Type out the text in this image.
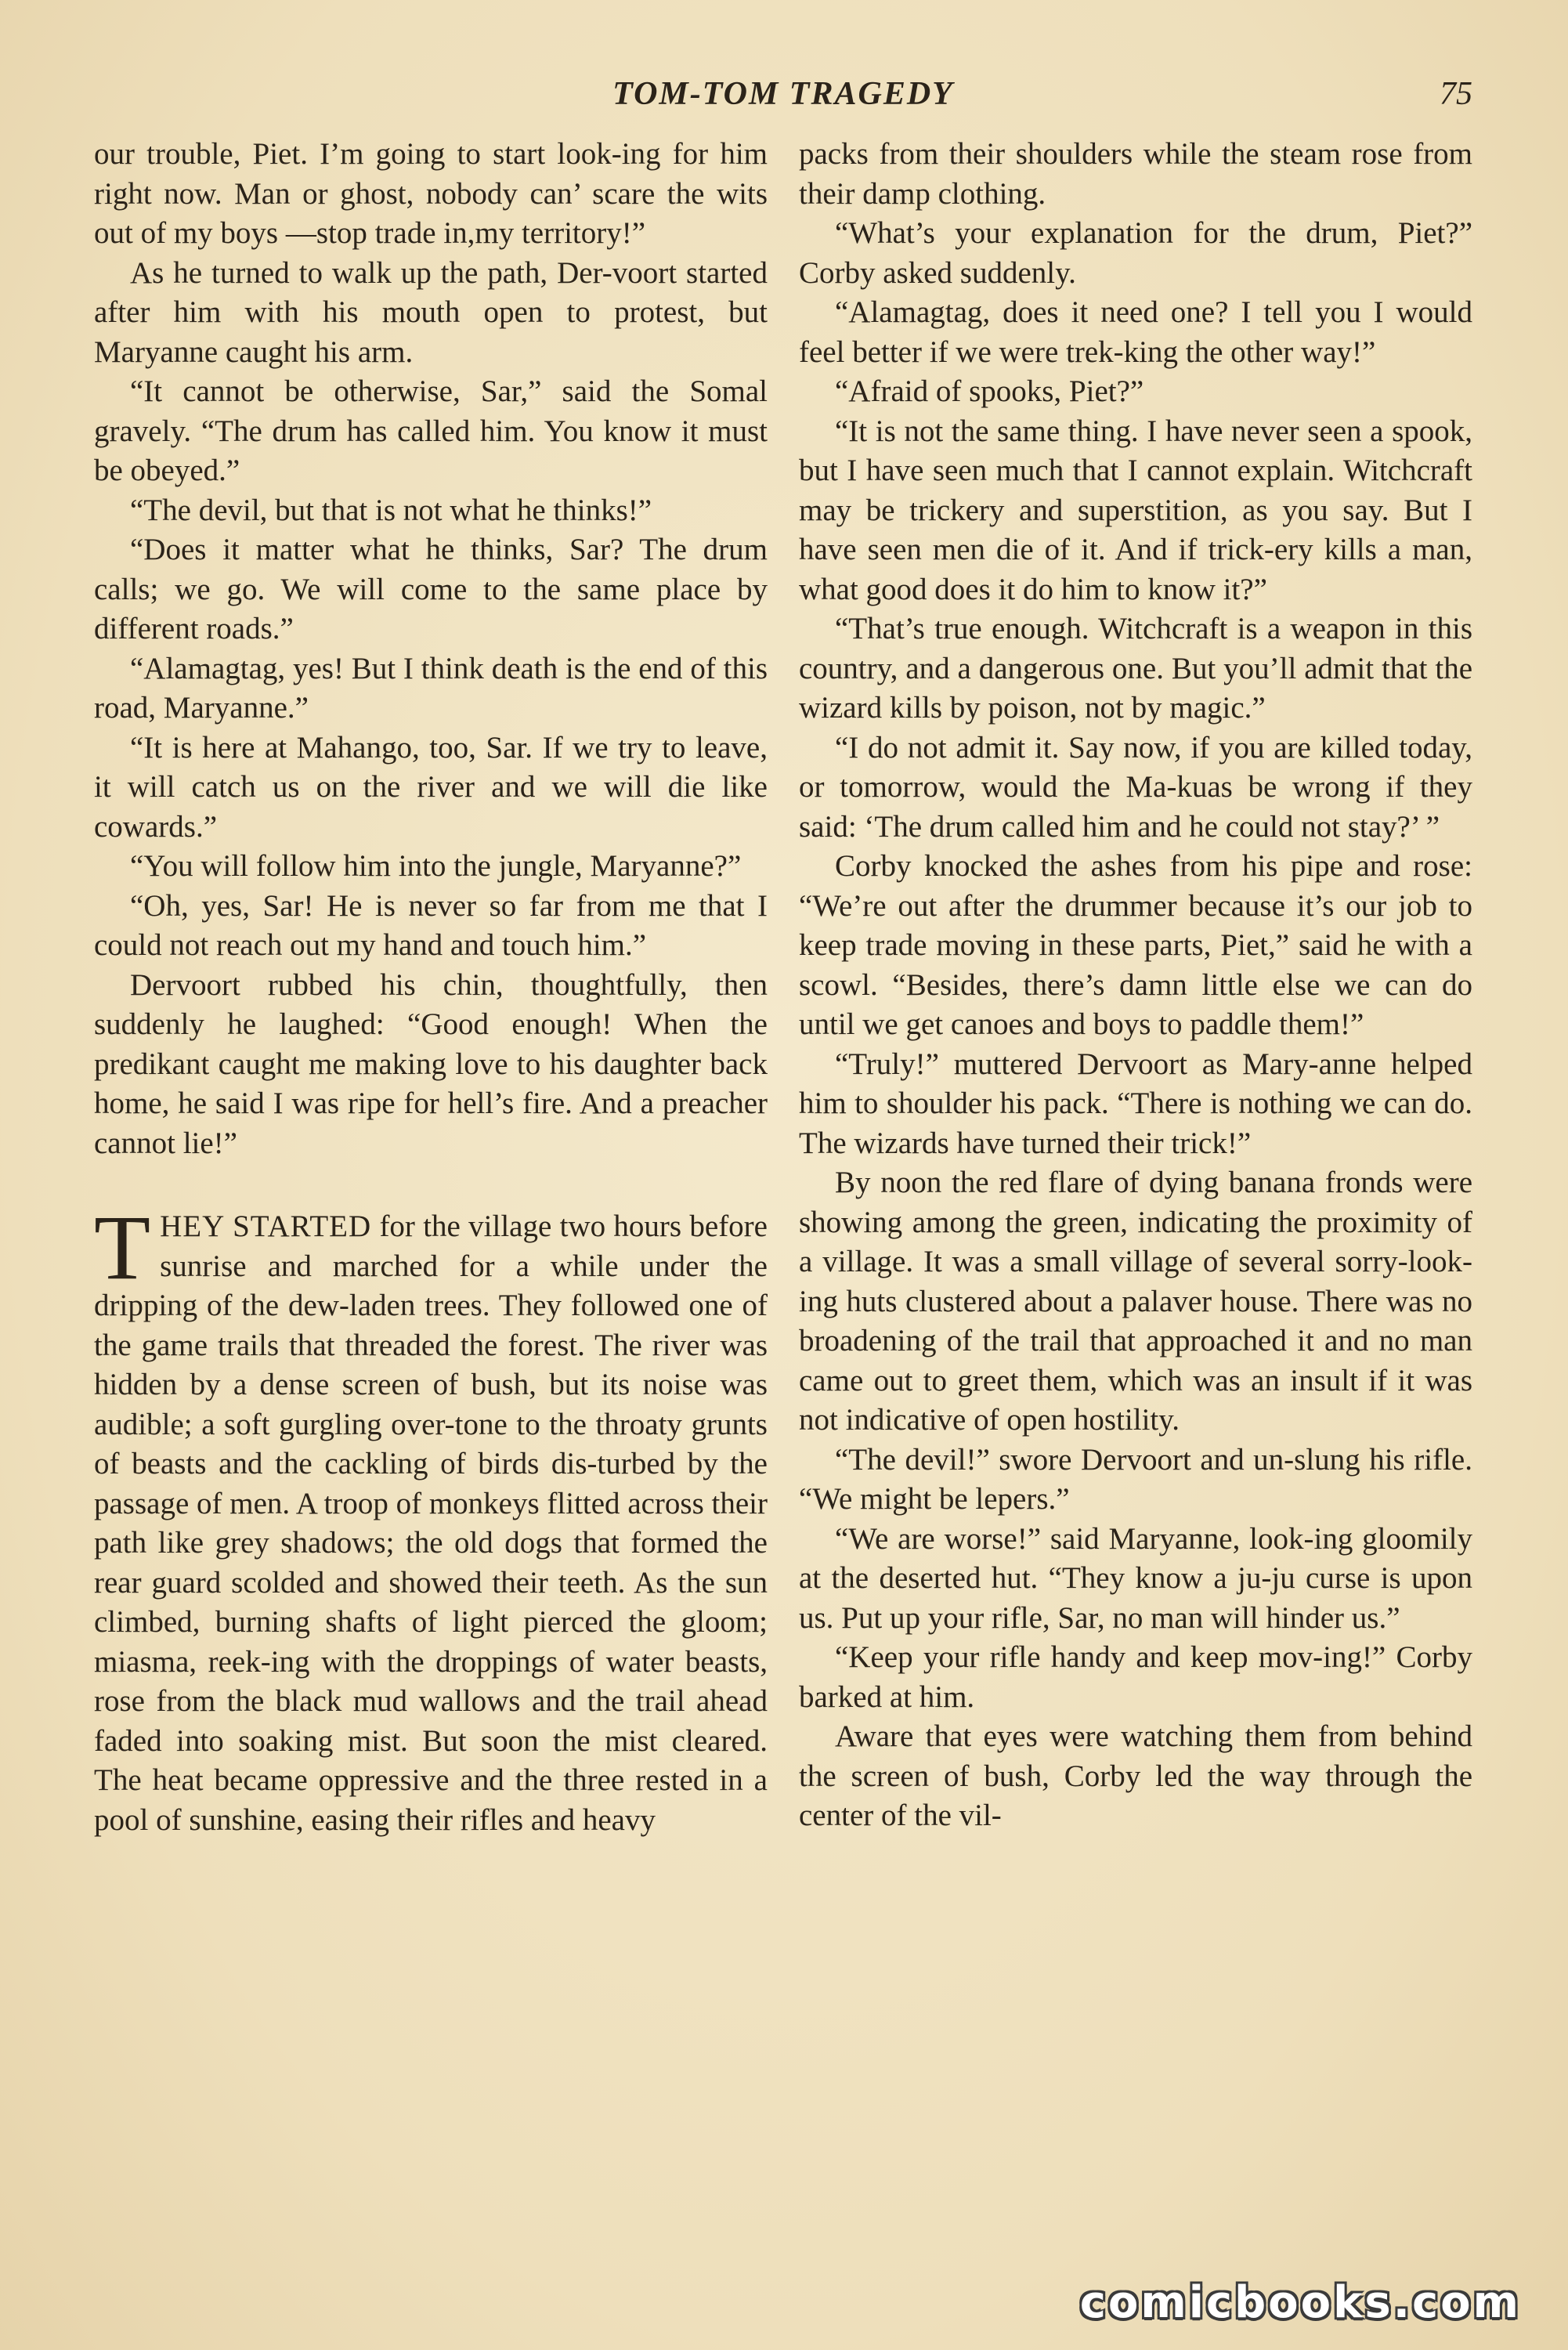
TOM-TOM TRAGEDY	75

our trouble, Piet. I’m going to start look-ing for him right now. Man or ghost, nobody can’ scare the wits out of my boys —stop trade in,my territory!”

As he turned to walk up the path, Der-voort started after him with his mouth open to protest, but Maryanne caught his arm.

“It cannot be otherwise, Sar,” said the Somal gravely. “The drum has called him. You know it must be obeyed.”

“The devil, but that is not what he thinks!”

“Does it matter what he thinks, Sar? The drum calls; we go. We will come to the same place by different roads.”

“Alamagtag, yes! But I think death is the end of this road, Maryanne.”

“It is here at Mahango, too, Sar. If we try to leave, it will catch us on the river and we will die like cowards.”

“You will follow him into the jungle, Maryanne?”

“Oh, yes, Sar! He is never so far from me that I could not reach out my hand and touch him.”

Dervoort rubbed his chin, thoughtfully, then suddenly he laughed: “Good enough! When the predikant caught me making love to his daughter back home, he said I was ripe for hell’s fire. And a preacher cannot lie!”

THEY STARTED for the village two hours before sunrise and marched for a while under the dripping of the dew-laden trees. They followed one of the game trails that threaded the forest. The river was hidden by a dense screen of bush, but its noise was audible; a soft gurgling over-tone to the throaty grunts of beasts and the cackling of birds dis-turbed by the passage of men. A troop of monkeys flitted across their path like grey shadows; the old dogs that formed the rear guard scolded and showed their teeth. As the sun climbed, burning shafts of light pierced the gloom; miasma, reek-ing with the droppings of water beasts, rose from the black mud wallows and the trail ahead faded into soaking mist. But soon the mist cleared. The heat became oppressive and the three rested in a pool of sunshine, easing their rifles and heavy

packs from their shoulders while the steam rose from their damp clothing.

“What’s your explanation for the drum, Piet?” Corby asked suddenly.

“Alamagtag, does it need one? I tell you I would feel better if we were trek-king the other way!”

“Afraid of spooks, Piet?”

“It is not the same thing. I have never seen a spook, but I have seen much that I cannot explain. Witchcraft may be trickery and superstition, as you say. But I have seen men die of it. And if trick-ery kills a man, what good does it do him to know it?”

“That’s true enough. Witchcraft is a weapon in this country, and a dangerous one. But you’ll admit that the wizard kills by poison, not by magic.”

“I do not admit it. Say now, if you are killed today, or tomorrow, would the Ma-kuas be wrong if they said: ‘The drum called him and he could not stay?’ ”

Corby knocked the ashes from his pipe and rose: “We’re out after the drummer because it’s our job to keep trade moving in these parts, Piet,” said he with a scowl. “Besides, there’s damn little else we can do until we get canoes and boys to paddle them!”

“Truly!” muttered Dervoort as Mary-anne helped him to shoulder his pack. “There is nothing we can do. The wizards have turned their trick!”

By noon the red flare of dying banana fronds were showing among the green, indicating the proximity of a village. It was a small village of several sorry-look-ing huts clustered about a palaver house. There was no broadening of the trail that approached it and no man came out to greet them, which was an insult if it was not indicative of open hostility.

“The devil!” swore Dervoort and un-slung his rifle. “We might be lepers.”

“We are worse!” said Maryanne, look-ing gloomily at the deserted hut. “They know a ju-ju curse is upon us. Put up your rifle, Sar, no man will hinder us.”

“Keep your rifle handy and keep mov-ing!” Corby barked at him.

Aware that eyes were watching them from behind the screen of bush, Corby led the way through the center of the vil-

comicbooks.com
